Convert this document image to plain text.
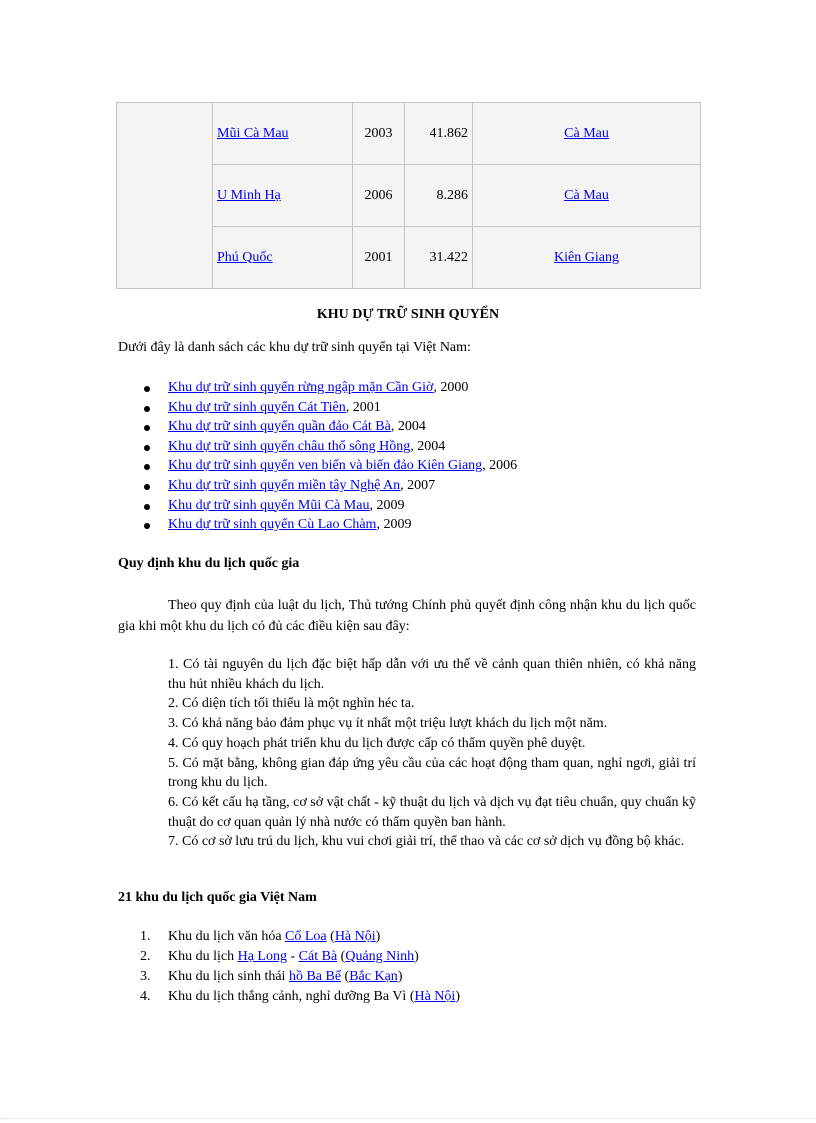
	Mũi Cà Mau	2003	41.862	Cà Mau
	U Minh Hạ	2006	8.286	Cà Mau
	Phú Quốc	2001	31.422	Kiên Giang
KHU DỰ TRỮ SINH QUYỂN
Dưới đây là danh sách các khu dự trữ sinh quyển tại Việt Nam:
Khu dự trữ sinh quyển rừng ngập mặn Cần Giờ, 2000
Khu dự trữ sinh quyển Cát Tiên, 2001
Khu dự trữ sinh quyển quần đảo Cát Bà, 2004
Khu dự trữ sinh quyển châu thổ sông Hồng, 2004
Khu dự trữ sinh quyển ven biển và biển đảo Kiên Giang, 2006
Khu dự trữ sinh quyển miền tây Nghệ An, 2007
Khu dự trữ sinh quyển Mũi Cà Mau, 2009
Khu dự trữ sinh quyển Cù Lao Chàm, 2009
Quy định khu du lịch quốc gia
Theo quy định của luật du lịch, Thủ tướng Chính phủ quyết định công nhận khu du lịch quốc gia khi một khu du lịch có đủ các điều kiện sau đây:
1. Có tài nguyên du lịch đặc biệt hấp dẫn với ưu thế về cảnh quan thiên nhiên, có khả năng thu hút nhiều khách du lịch.
2. Có diện tích tối thiểu là một nghìn héc ta.
3. Có khả năng bảo đảm phục vụ ít nhất một triệu lượt khách du lịch một năm.
4. Có quy hoạch phát triển khu du lịch được cấp có thẩm quyền phê duyệt.
5. Có mặt bằng, không gian đáp ứng yêu cầu của các hoạt động tham quan, nghỉ ngơi, giải trí trong khu du lịch.
6. Có kết cấu hạ tầng, cơ sở vật chất - kỹ thuật du lịch và dịch vụ đạt tiêu chuẩn, quy chuẩn kỹ thuật do cơ quan quản lý nhà nước có thẩm quyền ban hành.
7. Có cơ sở lưu trú du lịch, khu vui chơi giải trí, thể thao và các cơ sở dịch vụ đồng bộ khác.
21 khu du lịch quốc gia Việt Nam
1. Khu du lịch văn hóa Cổ Loa (Hà Nội)
2. Khu du lịch Hạ Long - Cát Bà (Quảng Ninh)
3. Khu du lịch sinh thái hồ Ba Bể (Bắc Kạn)
4. Khu du lịch thắng cảnh, nghỉ dưỡng Ba Vì (Hà Nội)
